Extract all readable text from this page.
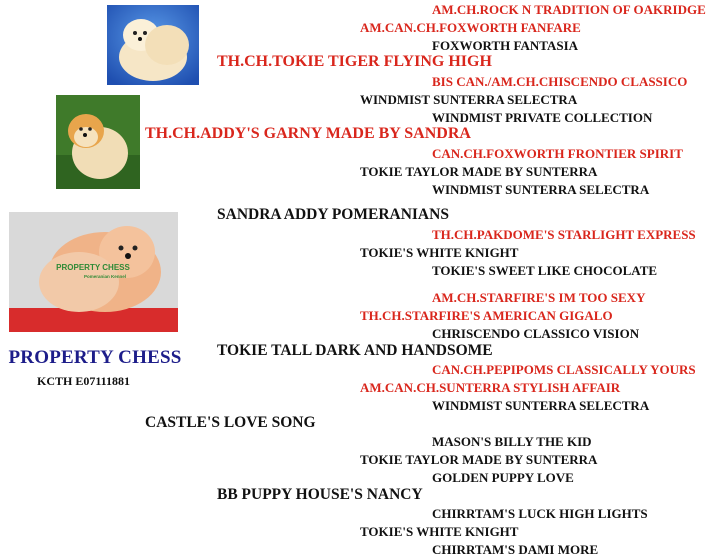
PROPERTY CHESS
Pomeranian Kennel
PROPERTY CHESS
KCTH E07111881
AM.CH.ROCK N TRADITION OF OAKRIDGE
AM.CAN.CH.FOXWORTH FANFARE
FOXWORTH FANTASIA
TH.CH.TOKIE TIGER FLYING HIGH
BIS CAN./AM.CH.CHISCENDO CLASSICO
WINDMIST SUNTERRA SELECTRA
WINDMIST PRIVATE COLLECTION
TH.CH.ADDY'S GARNY MADE BY SANDRA
CAN.CH.FOXWORTH FRONTIER SPIRIT
TOKIE TAYLOR MADE BY SUNTERRA
WINDMIST SUNTERRA SELECTRA
SANDRA ADDY POMERANIANS
TH.CH.PAKDOME'S STARLIGHT EXPRESS
TOKIE'S WHITE KNIGHT
TOKIE'S SWEET LIKE CHOCOLATE
AM.CH.STARFIRE'S IM TOO SEXY
TH.CH.STARFIRE'S AMERICAN GIGALO
CHRISCENDO CLASSICO VISION
TOKIE TALL DARK AND HANDSOME
CAN.CH.PEPIPOMS CLASSICALLY YOURS
AM.CAN.CH.SUNTERRA STYLISH AFFAIR
WINDMIST SUNTERRA SELECTRA
CASTLE'S LOVE SONG
MASON'S BILLY THE KID
TOKIE TAYLOR MADE BY SUNTERRA
GOLDEN PUPPY LOVE
BB PUPPY HOUSE'S NANCY
CHIRRTAM'S LUCK HIGH LIGHTS
TOKIE'S WHITE KNIGHT
CHIRRTAM'S DAMI MORE
